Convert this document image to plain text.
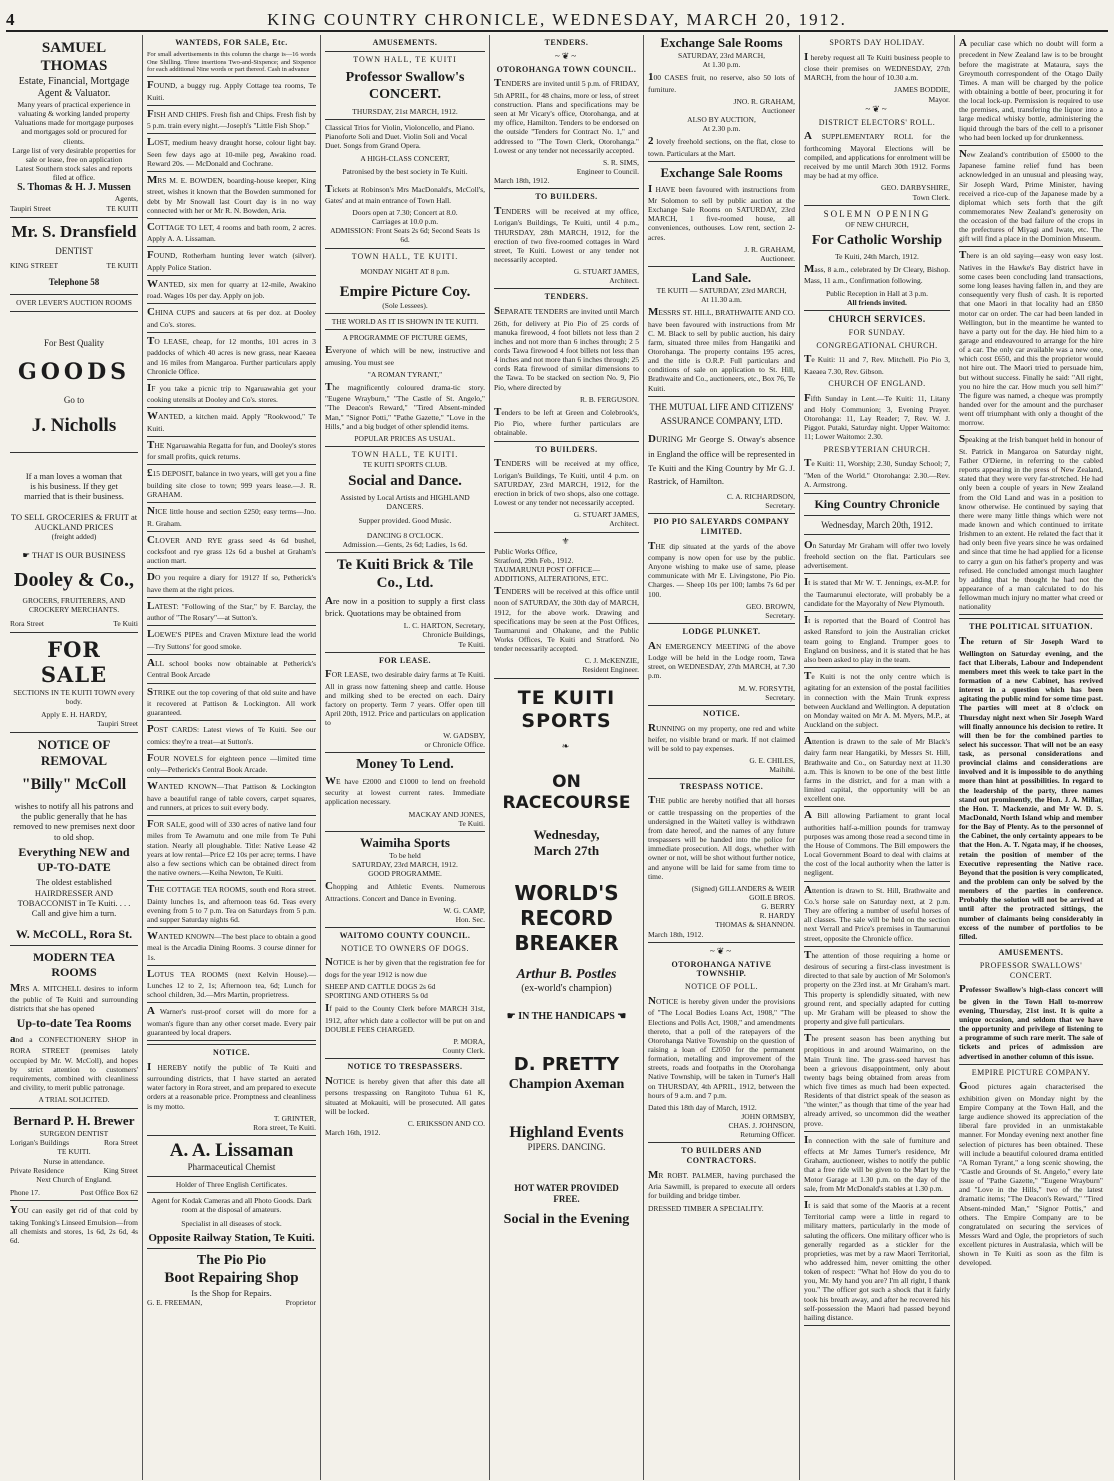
4	KING COUNTRY CHRONICLE, WEDNESDAY, MARCH 20, 1912.
SAMUEL THOMAS
Estate, Financial, Mortgage Agent & Valuator.
Many years of practical experience in valuating & working landed property
Valuations made for mortgage purposes and mortgages sold or procured for clients.
Large list of very desirable properties for sale or lease, free on application
Latest Southern stock sales and reports filed at office.
S. Thomas & H. J. Mussen
Agents,
Taupiri Street	TE KUITI
Mr. S. Dransfield
DENTIST
KING STREET	TE KUITI
Telephone 58
OVER LEVER'S AUCTION ROOMS
For Best Quality
GOODS
Go to
J. Nicholls
If a man loves a woman that is his business. If they get married that is their business.
TO SELL GROCERIES & FRUIT at AUCKLAND PRICES
(freight added)
☛ THAT IS OUR BUSINESS
Dooley & Co.,
GROCERS, FRUITERERS, AND CROCKERY MERCHANTS.
Rora Street	Te Kuiti
FOR SALE
SECTIONS IN TE KUITI TOWN every body.
Apply E. H. HARDY,
Taupiri Street
NOTICE OF REMOVAL
"Billy" McColl
wishes to notify all his patrons and the public generally that he has removed to new premises next door to old shop.
Everything NEW and UP-TO-DATE
The oldest established HAIRDRESSER AND TOBACCONIST in Te Kuiti. . . . Call and give him a turn.
W. McCOLL, Rora St.
MODERN TEA ROOMS
MRS A. MITCHELL desires to inform the public of Te Kuiti and surrounding districts that she has opened
Up-to-date Tea Rooms
and a CONFECTIONERY SHOP in RORA STREET (premises lately occupied by Mr. W. McColl), and hopes by strict attention to customers' requirements, combined with cleanliness and civility, to merit public patronage.
A TRIAL SOLICITED.
Bernard P. H. Brewer
SURGEON DENTIST
Lorigan's Buildings	Rora Street
TE KUITI.
Nurse in attendance.
Private Residence	King Street
Next Church of England.
Phone 17.	Post Office Box 62
YOU can easily get rid of that cold by taking Tonking's Linseed Emulsion—from all chemists and stores, 1s 6d, 2s 6d, 4s 6d.
WANTEDS, FOR SALE, Etc.
For small advertisements in this column the charge is—16 words One Shilling. Three insertions Two-and-Sixpence; and Sixpence for each additional Nine words or part thereof. Cash in advance
FOUND, a buggy rug. Apply Cottage tea rooms, Te Kuiti.
FISH AND CHIPS. Fresh fish and Chips. Fresh fish by 5 p.m. train every night.—Joseph's "Little Fish Shop."
LOST, medium heavy draught horse, colour light bay. Seen few days ago at 10-mile peg, Awakino road. Reward 20s. — McDonald and Cochrane.
MRS M. E. BOWDEN, boarding-house keeper, King street, wishes it known that the Bowden summoned for debt by Mr Snowall last Court day is in no way connected with her or Mr R. N. Bowden, Aria.
COTTAGE TO LET, 4 rooms and bath room, 2 acres. Apply A. A. Lissaman.
FOUND, Rotherham hunting lever watch (silver). Apply Police Station.
WANTED, six men for quarry at 12-mile, Awakino road. Wages 10s per day. Apply on job.
CHINA CUPS and saucers at 6s per doz. at Dooley and Co's. stores.
TO LEASE, cheap, for 12 months, 101 acres in 3 paddocks of which 40 acres is new grass, near Kaeaea and 16 miles from Mangaroa. Further particulars apply Chronicle Office.
IF you take a picnic trip to Ngaruawahia get your cooking utensils at Dooley and Co's. stores.
WANTED, a kitchen maid. Apply "Rookwood," Te Kuiti.
THE Ngaruawahia Regatta for fun, and Dooley's stores for small profits, quick returns.
£15 DEPOSIT, balance in two years, will get you a fine building site close to town; 999 years lease.—J. R. GRAHAM.
NICE little house and section £250; easy terms—Jno. R. Graham.
CLOVER AND RYE grass seed 4s 6d bushel, cocksfoot and rye grass 12s 6d a bushel at Graham's auction mart.
DO you require a diary for 1912? If so, Petherick's have them at the right prices.
LATEST: "Following of the Star," by F. Barclay, the author of "The Rosary"—at Sutton's.
LOEWE'S PIPEs and Craven Mixture lead the world—Try Suttons' for good smoke.
ALL school books now obtainable at Petherick's Central Book Arcade
STRIKE out the top covering of that old suite and have it recovered at Pattison & Lockington. All work guaranteed.
POST CARDS: Latest views of Te Kuiti. See our comics: they're a treat—at Sutton's.
FOUR NOVELS for eighteen pence —limited time only—Petherick's Central Book Arcade.
WANTED KNOWN—That Pattison & Lockington have a beautiful range of table covers, carpet squares, and runners, at prices to suit every body.
FOR SALE, good will of 330 acres of native land four miles from Te Awamutu and one mile from Te Puhi station. Nearly all ploughable. Title: Native Lease 42 years at low rental—Price £2 10s per acre; terms. I have also a few sections which can be obtained direct from the native owners.—Keiha Newton, Te Kuiti.
THE COTTAGE TEA ROOMS, south end Rora street. Dainty lunches 1s, and afternoon teas 6d. Teas every evening from 5 to 7 p.m. Tea on Saturdays from 5 p.m. and supper Saturday nights 6d.
WANTED KNOWN—The best place to obtain a good meal is the Arcadia Dining Rooms. 3 course dinner for 1s.
LOTUS TEA ROOMS (next Kelvin House).—Lunches 12 to 2, 1s; Afternoon tea, 6d; Lunch for school children, 3d.—Mrs Martin, proprietress.
A Warner's rust-proof corset will do more for a woman's figure than any other corset made. Every pair guaranteed by local drapers.
NOTICE.
I HEREBY notify the public of Te Kuiti and surrounding districts, that I have started an aerated water factory in Rora street, and am prepared to execute orders at a reasonable price. Promptness and cleanliness is my motto.
T. GRINTER,
Rora street, Te Kuiti.
A. A. Lissaman
Pharmaceutical Chemist
Holder of Three English Certificates.
Agent for Kodak Cameras and all Photo Goods. Dark room at the disposal of amateurs.
Specialist in all diseases of stock.
Opposite Railway Station, Te Kuiti.
The Pio Pio
Boot Repairing Shop
Is the Shop for Repairs.
G. E. FREEMAN,	Proprietor
AMUSEMENTS.
TOWN HALL, TE KUITI
Professor Swallow's CONCERT.
THURSDAY, 21st MARCH, 1912.
Classical Trios for Violin, Violoncello, and Piano. Pianoforte Soli and Duet. Violin Soli and Vocal Duet. Songs from Grand Opera.
A HIGH-CLASS CONCERT,
Patronised by the best society in Te Kuiti.
Tickets at Robinson's Mrs MacDonald's, McColl's, Gates' and at main entrance of Town Hall.
Doors open at 7.30; Concert at 8.0.
Carriages at 10.0 p.m.
ADMISSION: Front Seats 2s 6d; Second Seats 1s 6d.
TOWN HALL, TE KUITI.
MONDAY NIGHT AT 8 p.m.
Empire Picture Coy.
(Sole Lessees).
THE WORLD AS IT IS SHOWN IN TE KUITI.
A PROGRAMME OF PICTURE GEMS,
Everyone of which will be new, instructive and amusing. You must see
"A ROMAN TYRANT,"
The magnificently coloured drama-tic story. "Eugene Wrayburn," "The Castle of St. Angelo," "The Deacon's Reward," "Tired Absent-minded Man," "Signor Potti," "Pathe Gazette," "Love in the Hills," and a big budget of other splendid items.
POPULAR PRICES AS USUAL.
TOWN HALL, TE KUITI.
TE KUITI SPORTS CLUB.
Social and Dance.
Assisted by Local Artists and HIGHLAND DANCERS.
Supper provided. Good Music.
DANCING 8 O'CLOCK.
Admission.—Gents, 2s 6d; Ladies, 1s 6d.
Te Kuiti Brick & Tile Co., Ltd.
Are now in a position to supply a first class brick. Quotations may be obtained from
L. C. HARTON, Secretary,
Chronicle Buildings,
Te Kuiti.
FOR LEASE.
FOR LEASE, two desirable dairy farms at Te Kuiti. All in grass now fattening sheep and cattle. House and milking shed to be erected on each. Dairy factory on property. Term 7 years. Offer open till April 20th, 1912. Price and particulars on application to
W. GADSBY,
or Chronicle Office.
Money To Lend.
WE have £2000 and £1000 to lend on freehold security at lowest current rates. Immediate application necessary.
MACKAY AND JONES,
Te Kuiti.
Waimiha Sports
To be held
SATURDAY, 23rd MARCH, 1912.
GOOD PROGRAMME.
Chopping and Athletic Events. Numerous Attractions. Concert and Dance in Evening.
W. G. CAMP,
Hon. Sec.
WAITOMO COUNTY COUNCIL.
NOTICE TO OWNERS OF DOGS.
NOTICE is her by given that the registration fee for dogs for the year 1912 is now due
SHEEP AND CATTLE DOGS 2s 6d
SPORTING AND OTHERS 5s 0d
If paid to the County Clerk before MARCH 31st, 1912, after which date a collector will be put on and DOUBLE FEES CHARGED.
P. MORA,
County Clerk.
NOTICE TO TRESPASSERS.
NOTICE is hereby given that after this date all persons trespassing on Rangitoto Tuhua 61 K, situated at Mokauiti, will be prosecuted. All gates will be locked.
C. ERIKSSON AND CO.
March 16th, 1912.
TENDERS.
~❦~
OTOROHANGA TOWN COUNCIL.
TENDERS are invited until 5 p.m. of FRIDAY, 5th APRIL, for 48 chains, more or less, of street construction. Plans and specifications may be seen at Mr Vicary's office, Otorohanga, and at my office, Hamilton. Tenders to be endorsed on the outside "Tenders for Contract No. 1," and addressed to "The Town Clerk, Otorohanga." Lowest or any tender not necessarily accepted.
S. R. SIMS,
Engineer to Council.
March 18th, 1912.
TO BUILDERS.
TENDERS will be received at my office, Lorigan's Buildings, Te Kuiti, until 4 p.m., THURSDAY, 28th MARCH, 1912, for the erection of two five-roomed cottages in Ward street, Te Kuiti. Lowest or any tender not necessarily accepted.
G. STUART JAMES,
Architect.
TENDERS.
SEPARATE TENDERS are invited until March 26th, for delivery at Pio Pio of 25 cords of manuka firewood, 4 foot billets not less than 2 inches and not more than 6 inches through; 2 5 cords Tawa firewood 4 foot billets not less than 4 inches and not more than 6 inches through; 25 cords Rata firewood of similar dimensions to the Tawa. To be stacked on section No. 9, Pio Pio, where directed by
R. B. FERGUSON.
Tenders to be left at Green and Colebrook's, Pio Pio, where further particulars are obtainable.
TO BUILDERS.
TENDERS will be received at my office, Lorigan's Buildings, Te Kuiti, until 4 p.m. on SATURDAY, 23rd MARCH, 1912, for the erection in brick of two shops, also one cottage. Lowest or any tender not necessarily accepted.
G. STUART JAMES,
Architect.
⚜
Public Works Office,
Stratford, 29th Feb., 1912.
TAUMARUNUI POST OFFICE—ADDITIONS, ALTERATIONS, ETC.
TENDERS will be received at this office until noon of SATURDAY, the 30th day of MARCH, 1912, for the above work. Drawing and specifications may be seen at the Post Offices, Taumarunui and Ohakune, and the Public Works Offices, Te Kuiti and Stratford. No tender necessarily accepted.
C. J. McKENZIE,
Resident Engineer.
TE KUITI SPORTS
❧
ON RACECOURSE
Wednesday,
March 27th
WORLD'S RECORD
BREAKER
Arthur B. Postles
(ex-world's champion)
☛ IN THE HANDICAPS ☚
D. PRETTY
Champion Axeman
Highland Events
PIPERS. DANCING.
HOT WATER PROVIDED
FREE.
Social in the Evening
Exchange Sale Rooms
SATURDAY, 23rd MARCH,
At 1.30 p.m.
100 CASES fruit, no reserve, also 50 lots of furniture.
JNO. R. GRAHAM,
Auctioneer
ALSO BY AUCTION,
At 2.30 p.m.
2 lovely freehold sections, on the flat, close to town. Particulars at the Mart.
Exchange Sale Rooms
I HAVE been favoured with instructions from Mr Solomon to sell by public auction at the Exchange Sale Rooms on SATURDAY, 23rd MARCH, 1 five-roomed house, all conveniences, outhouses. Low rent, section 2-acres.
J. R. GRAHAM,
Auctioneer.
Land Sale.
TE KUITI — SATURDAY, 23rd MARCH,
At 11.30 a.m.
MESSRS ST. HILL, BRATHWAITE AND CO. have been favoured with instructions from Mr C. M. Black to sell by public auction, his dairy farm, situated three miles from Hangatiki and Otorohanga. The property contains 195 acres, and the title is O.R.P. Full particulars and conditions of sale on application to St. Hill, Brathwaite and Co., auctioneers, etc., Box 76, Te Kuiti.
THE MUTUAL LIFE AND CITIZENS' ASSURANCE COMPANY, LTD.
DURING Mr George S. Otway's absence in England the office will be represented in Te Kuiti and the King Country by Mr G. J. Rastrick, of Hamilton.
C. A. RICHARDSON,
Secretary.
PIO PIO SALEYARDS COMPANY LIMITED.
THE dip situated at the yards of the above company is now open for use by the public. Anyone wishing to make use of same, please communicate with Mr E. Livingstone, Pio Pio. Charges. — Sheep 10s per 100; lambs 7s 6d per 100.
GEO. BROWN,
Secretary.
LODGE PLUNKET.
AN EMERGENCY MEETING of the above Lodge will be held in the Lodge room, Tawa street, on WEDNESDAY, 27th MARCH, at 7.30 p.m.
M. W. FORSYTH,
Secretary.
NOTICE.
RUNNING on my property, one red and white heifer, no visible brand or mark. If not claimed will be sold to pay expenses.
G. E. CHILES,
Maihihi.
TRESPASS NOTICE.
THE public are hereby notified that all horses or cattle trespassing on the properties of the undersigned in the Waitetí valley is withdrawn from date hereof, and the names of any future trespassers will be handed into the police for immediate prosecution. All dogs, whether with owner or not, will be shot without further notice, and anyone will be laid for same from time to time.
(Signed) GILLANDERS & WEIR
GOILE BROS.
G. BERRY
R. HARDY
THOMAS & SHANNON.
March 18th, 1912.
~❦~
OTOROHANGA NATIVE TOWNSHIP.
NOTICE OF POLL.
NOTICE is hereby given under the provisions of "The Local Bodies Loans Act, 1908," "The Elections and Polls Act, 1908," and amendments thereto, that a poll of the ratepayers of the Otorohanga Native Township on the question of raising a loan of £2050 for the permanent formation, metalling and improvement of the streets, roads and footpaths in the Otorohanga Native Township, will be taken in Turner's Hall on THURSDAY, 4th APRIL, 1912, between the hours of 9 a.m. and 7 p.m.
Dated this 18th day of March, 1912.
JOHN ORMSBY,
CHAS. J. JOHNSON,
Returning Officer.
TO BUILDERS AND CONTRACTORS.
MR ROBT. PALMER, having purchased the Aria Sawmill, is prepared to execute all orders for building and bridge timber.
DRESSED TIMBER A SPECIALITY.
SPORTS DAY HOLIDAY.
I hereby request all Te Kuiti business people to close their premises on WEDNESDAY, 27th MARCH, from the hour of 10.30 a.m.
JAMES BODDIE,
Mayor.
~❦~
DISTRICT ELECTORS' ROLL.
A SUPPLEMENTARY ROLL for the forthcoming Mayoral Elections will be compiled, and applications for enrolment will be received by me until March 30th 1912. Forms may be had at my office.
GEO. DARBYSHIRE,
Town Clerk.
SOLEMN OPENING
OF NEW CHURCH,
For Catholic Worship
Te Kuiti, 24th March, 1912.
Mass, 8 a.m., celebrated by Dr Cleary, Bishop. Mass, 11 a.m., Confirmation following.
Public Reception in Hall at 3 p.m.
All friends invited.
CHURCH SERVICES.
FOR SUNDAY.
CONGREGATIONAL CHURCH.
Te Kuiti: 11 and 7, Rev. Mitchell. Pio Pio 3, Kaeaea 7.30, Rev. Gibson.
CHURCH OF ENGLAND.
Fifth Sunday in Lent.—Te Kuiti: 11, Litany and Holy Communion; 3, Evening Prayer. Otorohanga: 11, Lay Reader; 7, Rev. W. J. Piggot. Putaki, Saturday night. Upper Waitomo: 11; Lower Waitomo: 2.30.
PRESBYTERIAN CHURCH.
Te Kuiti: 11, Worship; 2.30, Sunday School; 7, "Men of the World." Otorohanga: 2.30.—Rev. A. Armstrong.
King Country Chronicle
Wednesday, March 20th, 1912.
On Saturday Mr Graham will offer two lovely freehold section on the flat. Particulars see advertisement.
It is stated that Mr W. T. Jennings, ex-M.P. for the Taumarunui electorate, will probably be a candidate for the Mayoralty of New Plymouth.
It is reported that the Board of Control has asked Ransford to join the Australian cricket team going to England. Trumper goes to England on business, and it is stated that he has also been asked to play in the team.
Te Kuiti is not the only centre which is agitating for an extension of the postal facilities in connection with the Main Trunk express between Auckland and Wellington. A deputation on Monday waited on Mr A. M. Myers, M.P., at Auckland on the subject.
Attention is drawn to the sale of Mr Black's dairy farm near Hangatiki, by Messrs St. Hill, Brathwaite and Co., on Saturday next at 11.30 a.m. This is known to be one of the best little farms in the district, and for a man with a limited capital, the opportunity will be an excellent one.
A Bill allowing Parliament to grant local authorities half-a-million pounds for tramway purposes was among those read a second time in the House of Commons. The Bill empowers the Local Government Board to deal with claims at the cost of the local authority when the latter is negligent.
Attention is drawn to St. Hill, Brathwaite and Co.'s horse sale on Saturday next, at 2 p.m. They are offering a number of useful horses of all classes. The sale will be held on the section next Verrall and Price's premises in Taumarunui street, opposite the Chronicle office.
The attention of those requiring a home or desirous of securing a first-class investment is directed to that sale by auction of Mr Solomon's property on the 23rd inst. at Mr Graham's mart. This property is splendidly situated, with new ground rent, and specially adapted for cutting up. Mr Graham will be pleased to show the property and give full particulars.
The present season has been anything but propitious in and around Waimarino, on the Main Trunk line. The grass-seed harvest has been a grievous disappointment, only about twenty bags being obtained from areas from which five times as much had been expected. Residents of that district speak of the season as "the winter," as though that time of the year had already arrived, so uncommon did the weather prove.
In connection with the sale of furniture and effects at Mr James Turner's residence, Mr Graham, auctioneer, wishes to notify the public that a free ride will be given to the Mart by the Motor Garage at 1.30 p.m. on the day of the sale, from Mr McDonald's stables at 1.30 p.m.
It is said that some of the Maoris at a recent Territorial camp were a little in regard to military matters, particularly in the mode of saluting the officers. One military officer who is generally regarded as a stickler for the proprieties, was met by a raw Maori Territorial, who addressed him, never omitting the other token of respect: "What ho! How do you do to you, Mr. My hand you are? I'm all right, I thank you." The officer got such a shock that it fairly took his breath away, and after he recovered his self-possession the Maori had passed beyond hailing distance.
A peculiar case which no doubt will form a precedent in New Zealand law is to be brought before the magistrate at Mataura, says the Greymouth correspondent of the Otago Daily Times. A man will be charged by the police with obtaining a bottle of beer, procuring it for the local lock-up. Permission is required to use the premises, and, transfering the liquor into a large medical whisky bottle, administering the liquid through the bars of the cell to a prisoner who had been locked up for drunkenness.
New Zealand's contribution of £5000 to the Japanese famine relief fund has been acknowledged in an unusual and pleasing way, Sir Joseph Ward, Prime Minister, having received a rice-cup of the Japanese made by a diplomat which sets forth that the gift commemorates New Zealand's generosity on the occasion of the bad failure of the crops in the prefectures of Miyagi and Iwate, etc. The gift will find a place in the Dominion Museum.
There is an old saying—easy won easy lost. Natives in the Hawke's Bay district have in some cases been concluding land transactions, some long leases having fallen in, and they are consequently very flush of cash. It is reported that one Maori in that locality had an £850 motor car on order. The car had been landed in Wellington, but in the meantime he wanted to have a party out for the day. He hied him to a garage and endeavoured to arrange for the hire of a car. The only car available was a new one, which cost £650, and this the proprietor would not hire out. The Maori tried to persuade him, but without success. Finally he said: "All right, you no hire the car. How much you sell him?" The figure was named, a cheque was promptly handed over for the amount and the purchaser went off triumphant with only a thought of the morrow.
Speaking at the Irish banquet held in honour of St. Patrick in Mangaroa on Saturday night, Father O'Dierne, in referring to the cabled reports appearing in the press of New Zealand, stated that they were very far-stretched. He had only been a couple of years in New Zealand from the Old Land and was in a position to know otherwise. He continued by saying that there were many little things which were not made known and which continued to irritate Irishmen to an extent. He related the fact that it had only been five years since he was ordained and since that time he had applied for a license to carry a gun on his father's property and was refused. He concluded amongst much laughter by adding that he thought he had not the appearance of a man calculated to do his fellowman much injury no matter what creed or nationality
THE POLITICAL SITUATION.
The return of Sir Joseph Ward to Wellington on Saturday evening, and the fact that Liberals, Labour and Independent members meet this week to take part in the formation of a new Cabinet, has revived interest in a question which has been agitating the public mind for some time past. The parties will meet at 8 o'clock on Thursday night next when Sir Joseph Ward will finally announce his decision to retire. It will then be for the combined parties to select his successor. That will not be an easy task, as personal considerations and provincial claims and considerations are involved and it is impossible to do anything more than hint at possibilities. In regard to the leadership of the party, three names stand out prominently, the Hon. J. A. Millar, the Hon. T. Mackenzie, and Mr W. D. S. MacDonald, North Island whip and member for the Bay of Plenty. As to the personnel of the Cabinet, the only certainty appears to be that the Hon. A. T. Ngata may, if he chooses, retain the position of member of the Executive representing the Native race. Beyond that the position is very complicated, and the problem can only be solved by the members of the parties in conference. Probably the solution will not be arrived at until after the protracted sittings, the number of claimants being considerably in excess of the number of portfolios to be filled.
AMUSEMENTS.
PROFESSOR SWALLOWS' CONCERT.
Professor Swallow's high-class concert will be given in the Town Hall to-morrow evening, Thursday, 21st inst. It is quite a unique occasion, and seldom that we have the opportunity and privilege of listening to a programme of such rare merit. The sale of tickets and prices of admission are advertised in another column of this issue.
EMPIRE PICTURE COMPANY.
Good pictures again characterised the exhibition given on Monday night by the Empire Company at the Town Hall, and the large audience showed its appreciation of the liberal fare provided in an unmistakable manner. For Monday evening next another fine selection of pictures has been obtained. These will include a beautiful coloured drama entitled "A Roman Tyrant," a long scenic showing, the "Castle and Grounds of St. Angelo," every late issue of "Pathe Gazette," "Eugene Wrayburn" and "Love in the Hills," two of the latest dramatic items; "The Deacon's Reward," "Tired Absent-minded Man," "Signor Pottis," and others. The Empire Company are to be congratulated on securing the services of Messrs Ward and Ogle, the proprietors of such excellent pictures in Australasia, which will be shown in Te Kuiti as soon as the film is developed.
